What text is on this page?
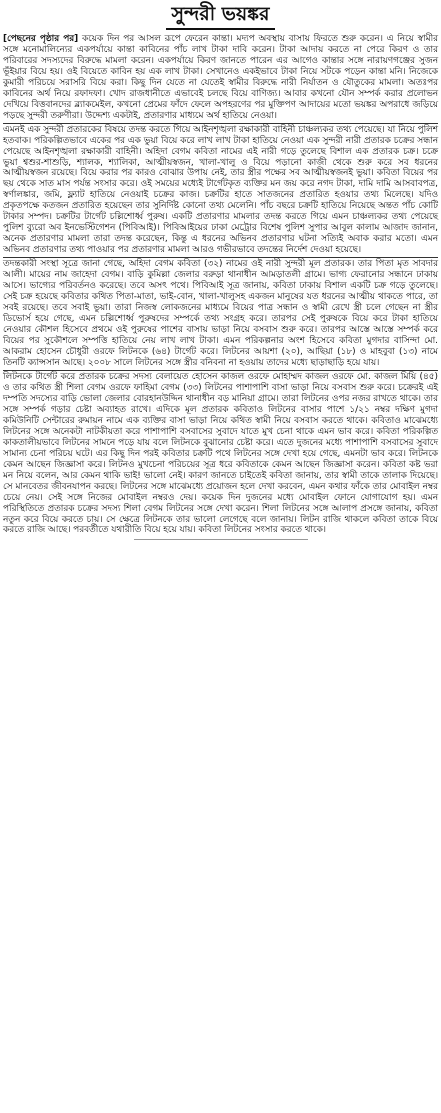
সুন্দরী ভয়ঙ্কর

[পেছনের পৃষ্ঠার পর] কয়েক দিন পর আসল রূপে ফেরেন কান্তা। মদ্যপ অবস্থায় বাসায় ফিরতে শুরু করেন। এ নিয়ে স্বামীর সঙ্গে মনোমালিন্যের একপর্যায়ে কান্তা কাবিনের পাঁচ লাখ টাকা দাবি করেন। টাকা আদায় করতে না পেরে কিরণ ও তার পরিবারের সদস্যদের বিরুদ্ধে মামলা করেন। একপর্যায়ে কিরণ জানতে পারেন এর আগেও কান্তার সঙ্গে নারায়ণগঞ্জের সুজন ভূঁইয়ার বিয়ে হয়। ওই বিয়েতে কাবিন হয় এক লাখ টাকা। সেখানেও একইভাবে টাকা নিয়ে সটকে পড়েন কান্তা মনি। নিজেকে কুমারী পরিচয়ে সরাসরি বিয়ে করা। কিছু দিন যেতে না যেতেই স্বামীর বিরুদ্ধে নারী নির্যাতন ও যৌতুকের মামলা। অতঃপর কাবিনের অর্থ নিয়ে রফাদফা। খোদ রাজধানীতে এভাবেই চলছে বিয়ে বাণিজ্য। আবার কখনো যৌন সম্পর্ক করার প্রলোভন দেখিয়ে বিত্তবানদের ব্ল্যাকমেইল, কখনো প্রেমের ফাঁদে ফেলে অপহরণের পর মুক্তিপণ আদায়ের মতো ভয়ঙ্কর অপরাধে জড়িয়ে পড়ছে সুন্দরী তরুণীরা। উদ্দেশ্য একটাই, প্রতারণার মাধ্যমে অর্থ হাতিয়ে নেওয়া।

এমনই এক সুন্দরী প্রতারকের বিষয়ে তদন্ত করতে গিয়ে আইনশৃঙ্খলা রক্ষাকারী বাহিনী চাঞ্চল্যকর তথ্য পেয়েছে। যা নিয়ে পুলিশ হতবাক। পরিকল্পিতভাবে একের পর এক ভুয়া বিয়ে করে লাখ লাখ টাকা হাতিয়ে নেওয়া এক সুন্দরী নারী প্রতারক চক্রের সন্ধান পেয়েছে আইনশৃঙ্খলা রক্ষাকারী বাহিনী। অহিদা বেগম কবিতা নামের এই নারী গড়ে তুলেছে বিশাল এক প্রতারক চক্র। চক্রে ভুয়া শ্বশুর-শাশুড়ি, শ্যালক, শ্যালিকা, আত্মীয়স্বজন, খালা-খালু ও বিয়ে পড়ানো কাজী থেকে শুরু করে সব ধরনের আত্মীয়স্বজন রয়েছে। বিয়ে করার পর কারও বোঝার উপায় নেই, তার স্ত্রীর পক্ষের সব আত্মীয়স্বজনই ভুয়া। কবিতা বিয়ের পর ছয় থেকে সাত মাস পর্যন্ত সংসার করে। ওই সময়ের মধ্যেই টার্গেটকৃত ব্যক্তির মন জয় করে নগদ টাকা, দামি দামি আসবাবপত্র, স্বর্ণালঙ্কার, জমি, ফ্ল্যাট হাতিয়ে নেওয়াই চক্রের কাজ। চক্রটির হাতে সাতজনের প্রতারিত হওয়ার তথ্য মিলেছে। যদিও প্রকৃতপক্ষে কতজন প্রতারিত হয়েছেন তার সুনির্দিষ্ট কোনো তথ্য মেলেনি। পাঁচ বছরে চক্রটি হাতিয়ে নিয়েছে অন্তত পাঁচ কোটি টাকার সম্পদ। চক্রটির টার্গেট চল্লিশোর্ধ্ব পুরুষ। একটি প্রতারণার মামলার তদন্ত করতে গিয়ে এমন চাঞ্চল্যকর তথ্য পেয়েছে পুলিশ ব্যুরো অব ইনভেস্টিগেশন (পিবিআই)। পিবিআইয়ের ঢাকা মেট্রোর বিশেষ পুলিশ সুপার আবুল কালাম আজাদ জানান, অনেক প্রতারণার মামলা তারা তদন্ত করেছেন, কিন্তু এ ধরনের অভিনব প্রতারণার ঘটনা সত্যিই অবাক করার মতো। এমন অভিনব প্রতারণার তথ্য পাওয়ার পর প্রতারণার মামলা আরও গভীরভাবে তদন্তের নির্দেশ দেওয়া হয়েছে।

তদন্তকারী সংস্থা সূত্রে জানা গেছে, অহিদা বেগম কবিতা (৩২) নামের ওই নারী সুন্দরী মূল প্রতারক। তার পিতা মৃত সাবদার আলী। মায়ের নাম জাহেদা বেগম। বাড়ি কুমিল্লা জেলার বরুড়া থানাধীন আমড়াতলী গ্রামে। ভাগ্য ফেরানোর সন্ধানে ঢাকায় আসে। ভাগ্যের পরিবর্তনও করেছে। তবে অসৎ পথে। পিবিআই সূত্র জানায়, কবিতা ঢাকায় বিশাল একটি চক্র গড়ে তুলেছে। সেই চক্র হয়েছে কবিতার কথিত পিতা-মাতা, ভাই-বোন, খালা-খালুসহ একজন মানুষের যত ধরনের আত্মীয় থাকতে পারে, তা সবই রয়েছে। তবে সবাই ভুয়া। তারা নিজস্ব লোকজনের মাধ্যমে বিয়ের পাত্র সন্ধান ও স্বামী রেখে স্ত্রী চলে গেছেন না স্ত্রীর ডিভোর্স হয়ে গেছে, এমন চল্লিশোর্ধ্ব পুরুষদের সম্পর্কে তথ্য সংগ্রহ করে। তারপর সেই পুরুষকে বিয়ে করে টাকা হাতিয়ে নেওয়ার কৌশল হিসেবে প্রথমে ওই পুরুষের পাশের বাসায় ভাড়া নিয়ে বসবাস শুরু করে। তারপর আস্তে আস্তে সম্পর্ক করে বিয়ের পর সুকৌশলে সম্পত্তি হাতিয়ে নেয় লাখ লাখ টাকা। এমন পরিকল্পনার অংশ হিসেবে কবিতা মুগদার বাসিন্দা মো. আকরাম হোসেন চৌধুরী ওরফে লিটনকে (৬৪) টার্গেট করে। লিটনের আয়শা (২০), আছিয়া (১৮) ও মাহবুবা (১৩) নামে তিনটি ক্যান্সসান আছে। ২০০৮ সালে লিটনের সঙ্গে স্ত্রীর বনিবনা না হওয়ায় তাদের মধ্যে ছাড়াছাড়ি হয়ে যায়।

লিটনকে টার্গেট করে প্রতারক চক্রের সদস্য বেলায়েত হোসেন কাজল ওরফে মোহাম্মদ কাজল ওরফে মো. কাজল মিয়ি (৪৫) ও তার কথিত স্ত্রী শিলা বেগম ওরফে ফাহিমা বেগম (৩৩) লিটনের পাশাপাশি বাসা ভাড়া নিয়ে বসবাস শুরু করে। চক্রেরই এই দম্পতি সদস্যের বাড়ি ভোলা জেলার বোরহানউদ্দিন থানাধীন বড় মানিয়া গ্রামে। তারা লিটনের ওপর নজর রাখতে থাকে। তার সঙ্গে সম্পর্ক গড়ার চেষ্টা অব্যাহত রাখে। এদিকে মূল প্রতারক কবিতাও লিটনের বাসার পাশে ১/২১ নম্বর দক্ষিণ মুগদা কমিউনিটি সেন্টারের রুমায়ন নামে এক ব্যক্তির বাসা ভাড়া নিয়ে কথিত স্বামী নিয়ে বসবাস করতে থাকে। কবিতাও মাঝেমধ্যে লিটনের সঙ্গে অনেকটা নাটকীয়তা করে পাশাপাশি বসবাসের সুবাদে যাতে মুখ চেনা থাকে এমন ভাব করে। কবিতা পরিকল্পিত কাকতালীয়ভাবে লিটনের সামনে পড়ে যায় বলে লিটনকে বুঝানোর চেষ্টা করে। এতে দুজনের মধ্যে পাশাপাশি বসবাসের সুবাদে সামান্য চেনা পরিচয় ঘটে। এর কিছু দিন পরই কবিতার চক্রটি পথে লিটনের সঙ্গে দেখা হয়ে গেছে, এমনটা ভাব করে। লিটনকে কেমন আছেন জিজ্ঞাসা করে। লিটনও মুখচেনা পরিচয়ের সূত্র ধরে কবিতাকে কেমন আছেন জিজ্ঞাসা করেন। কবিতা কষ্ট ভরা মন নিয়ে বলেন, আর কেমন থাকি ভাই! ভালো নেই। কারণ জানতে চাইতেই কবিতা জানায়, তার স্বামী তাকে তালাক দিয়েছে। সে মানবেতর জীবনযাপন করছে। লিটনের সঙ্গে মাঝেমধ্যে প্রয়োজন হলে দেখা করবেন, এমন কথার ফাঁকে তার মোবাইল নম্বর চেয়ে নেয়। সেই সঙ্গে নিজের মোবাইল নম্বরও দেয়। কয়েক দিন দুজনের মধ্যে মোবাইল ফোনে যোগাযোগ হয়। এমন পরিস্থিতিতে প্রতারক চক্রের সদস্য শিলা বেগম লিটনের সঙ্গে দেখা করেন। শিলা লিটনের সঙ্গে আলাপ প্রসঙ্গে জানায়, কবিতা নতুন করে বিয়ে করতে চায়। সে ক্ষেত্রে লিটনকে তার ভালো লেগেছে বলে জানায়। লিটন রাজি থাকলে কবিতা তাকে বিয়ে করতে রাজি আছে। পরবর্তীতে যথারীতি বিয়ে হয়ে যায়। কবিতা লিটনের সংসার করতে থাকে।
